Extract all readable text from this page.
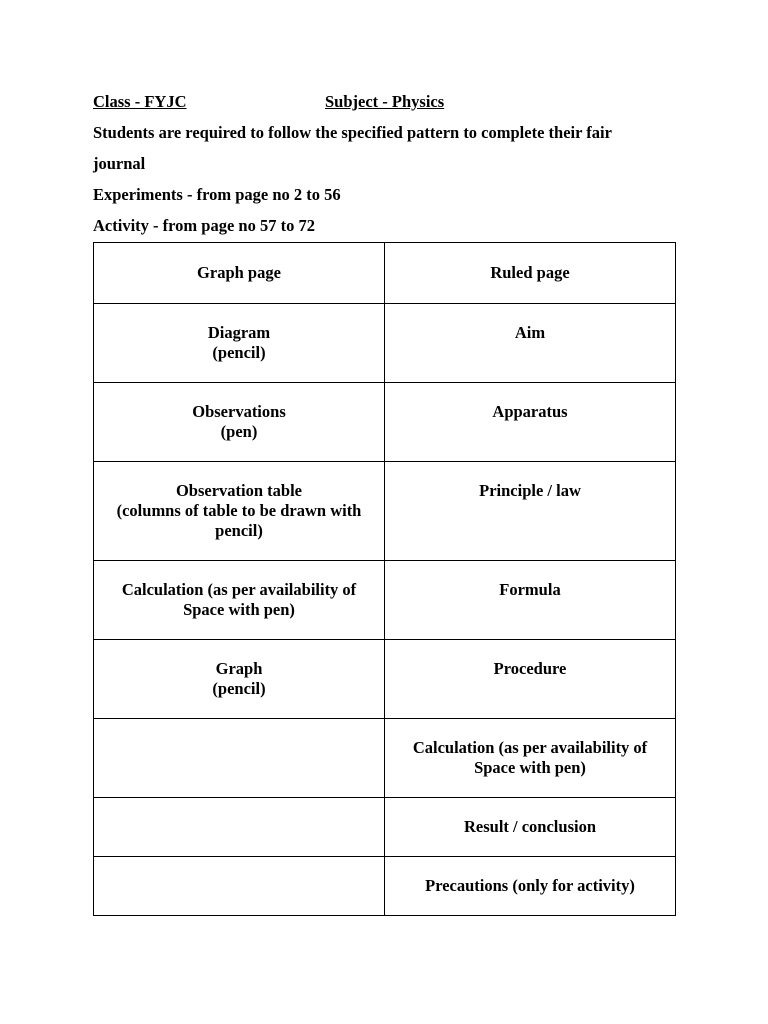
Class - FYJC	Subject - Physics

Students are required to follow the specified pattern to complete their fair

journal

Experiments - from page no 2 to 56

Activity - from page no 57 to 72

Graph page	Ruled page

Diagram
(pencil)	Aim

Observations
(pen)	Apparatus

Observation table
(columns of table to be drawn with
pencil)	Principle / law

Calculation (as per availability of
Space with pen)	Formula

Graph
(pencil)	Procedure

	Calculation (as per availability of
Space with pen)

	Result / conclusion

	Precautions (only for activity)
